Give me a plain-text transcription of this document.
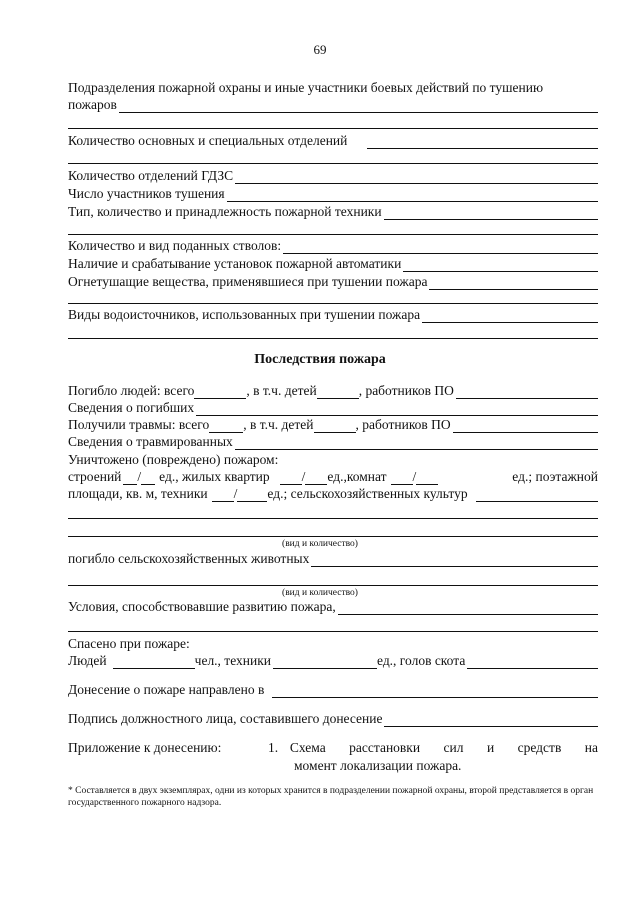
69
Подразделения пожарной охраны и иные участники боевых действий по тушению
пожаров
Количество основных и специальных отделений
Количество отделений ГДЗС
Число участников тушения
Тип, количество и принадлежность пожарной техники
Количество и вид поданных стволов:
Наличие и срабатывание установок пожарной автоматики
Огнетушащие вещества, применявшиеся при тушении пожара
Виды водоисточников, использованных при тушении пожара
Последствия пожара
Погибло людей: всего	, в т.ч. детей	, работников ПО
Сведения о погибших
Получили травмы: всего	, в т.ч. детей	, работников ПО
Сведения о травмированных
Уничтожено (повреждено) пожаром:
строений / ед., жилых квартир / ед.,комнат /	ед.; поэтажной
площади, кв. м, техники / ед.; сельскохозяйственных культур
(вид и количество)
погибло сельскохозяйственных животных
(вид и количество)
Условия, способствовавшие развитию пожара,
Спасено при пожаре:
Людей	чел., техники	ед., голов скота
Донесение о пожаре направлено в
Подпись должностного лица, составившего донесение
Приложение к донесению:	1. Схема  расстановки  сил  и  средств  на
момент локализации пожара.
* Составляется в двух экземплярах, одни из которых хранится в подразделении пожарной охраны, второй представляется в орган государственного пожарного надзора.
